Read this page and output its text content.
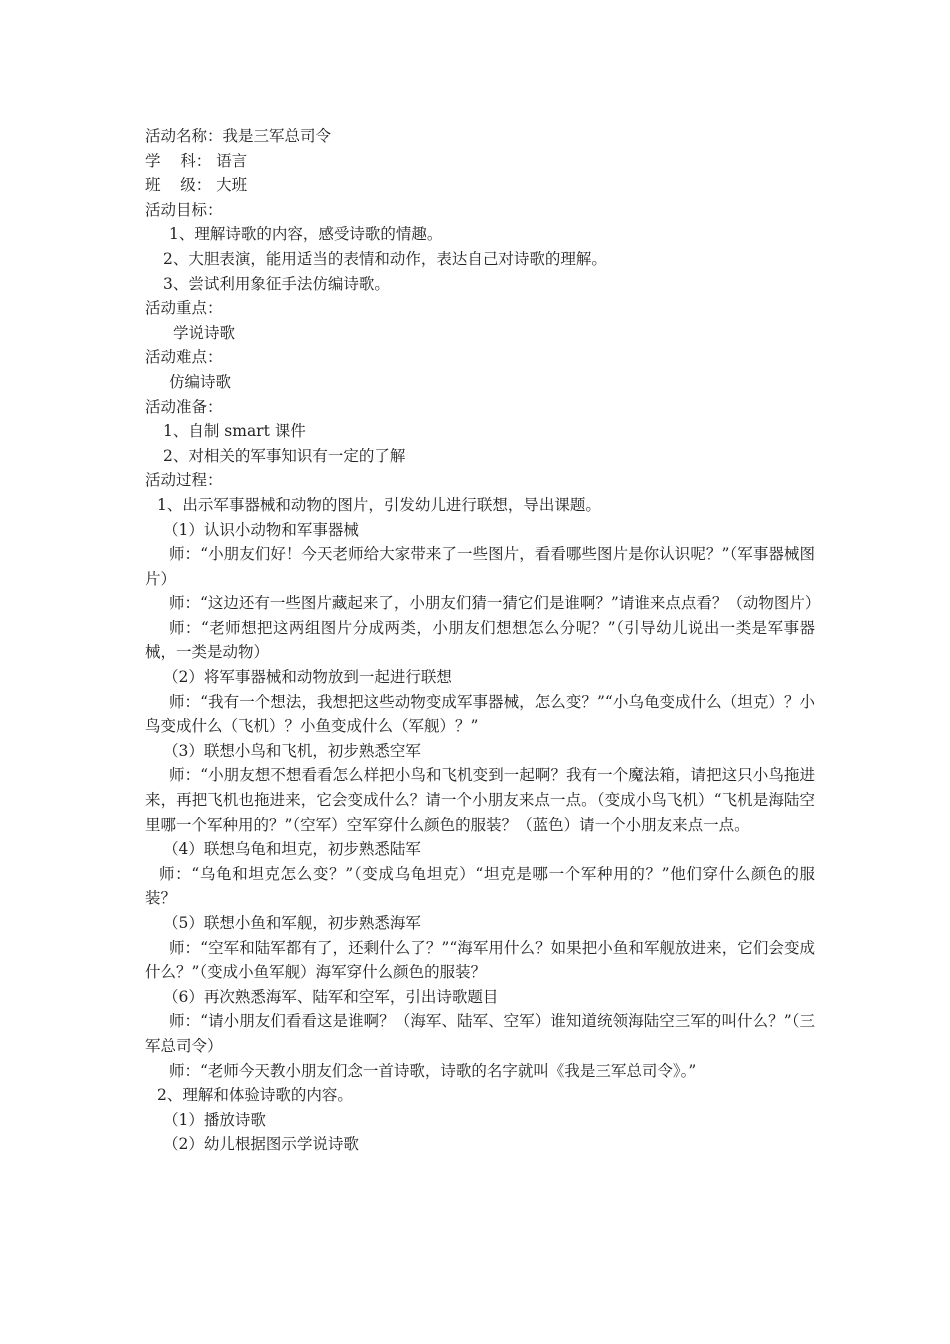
活动名称：我是三军总司令
学    科： 语言
班    级： 大班
活动目标：
1、理解诗歌的内容，感受诗歌的情趣。
2、大胆表演，能用适当的表情和动作，表达自己对诗歌的理解。
3、尝试利用象征手法仿编诗歌。
活动重点：
学说诗歌
活动难点：
仿编诗歌
活动准备：
1、自制 smart 课件
2、对相关的军事知识有一定的了解
活动过程：
1、出示军事器械和动物的图片，引发幼儿进行联想，导出课题。
（1）认识小动物和军事器械
师：“小朋友们好！今天老师给大家带来了一些图片，看看哪些图片是你认识呢？”（军事器械图片）
师：“这边还有一些图片藏起来了，小朋友们猜一猜它们是谁啊？”请谁来点点看？（动物图片）
师：“老师想把这两组图片分成两类，小朋友们想想怎么分呢？”（引导幼儿说出一类是军事器械，一类是动物）
（2）将军事器械和动物放到一起进行联想
师：“我有一个想法，我想把这些动物变成军事器械，怎么变？”“小乌龟变成什么（坦克）？小鸟变成什么（飞机）？小鱼变成什么（军舰）？”
（3）联想小鸟和飞机，初步熟悉空军
师：“小朋友想不想看看怎么样把小鸟和飞机变到一起啊？我有一个魔法箱，请把这只小鸟拖进来，再把飞机也拖进来，它会变成什么？请一个小朋友来点一点。（变成小鸟飞机）“飞机是海陆空里哪一个军种用的？”（空军）空军穿什么颜色的服装？（蓝色）请一个小朋友来点一点。
（4）联想乌龟和坦克，初步熟悉陆军
师：“乌龟和坦克怎么变？”（变成乌龟坦克）“坦克是哪一个军种用的？”他们穿什么颜色的服装？
（5）联想小鱼和军舰，初步熟悉海军
师：“空军和陆军都有了，还剩什么了？”“海军用什么？如果把小鱼和军舰放进来，它们会变成什么？”（变成小鱼军舰）海军穿什么颜色的服装？
（6）再次熟悉海军、陆军和空军，引出诗歌题目
师：“请小朋友们看看这是谁啊？（海军、陆军、空军）谁知道统领海陆空三军的叫什么？”（三军总司令）
师：“老师今天教小朋友们念一首诗歌，诗歌的名字就叫《我是三军总司令》。”
2、理解和体验诗歌的内容。
（1）播放诗歌
（2）幼儿根据图示学说诗歌
